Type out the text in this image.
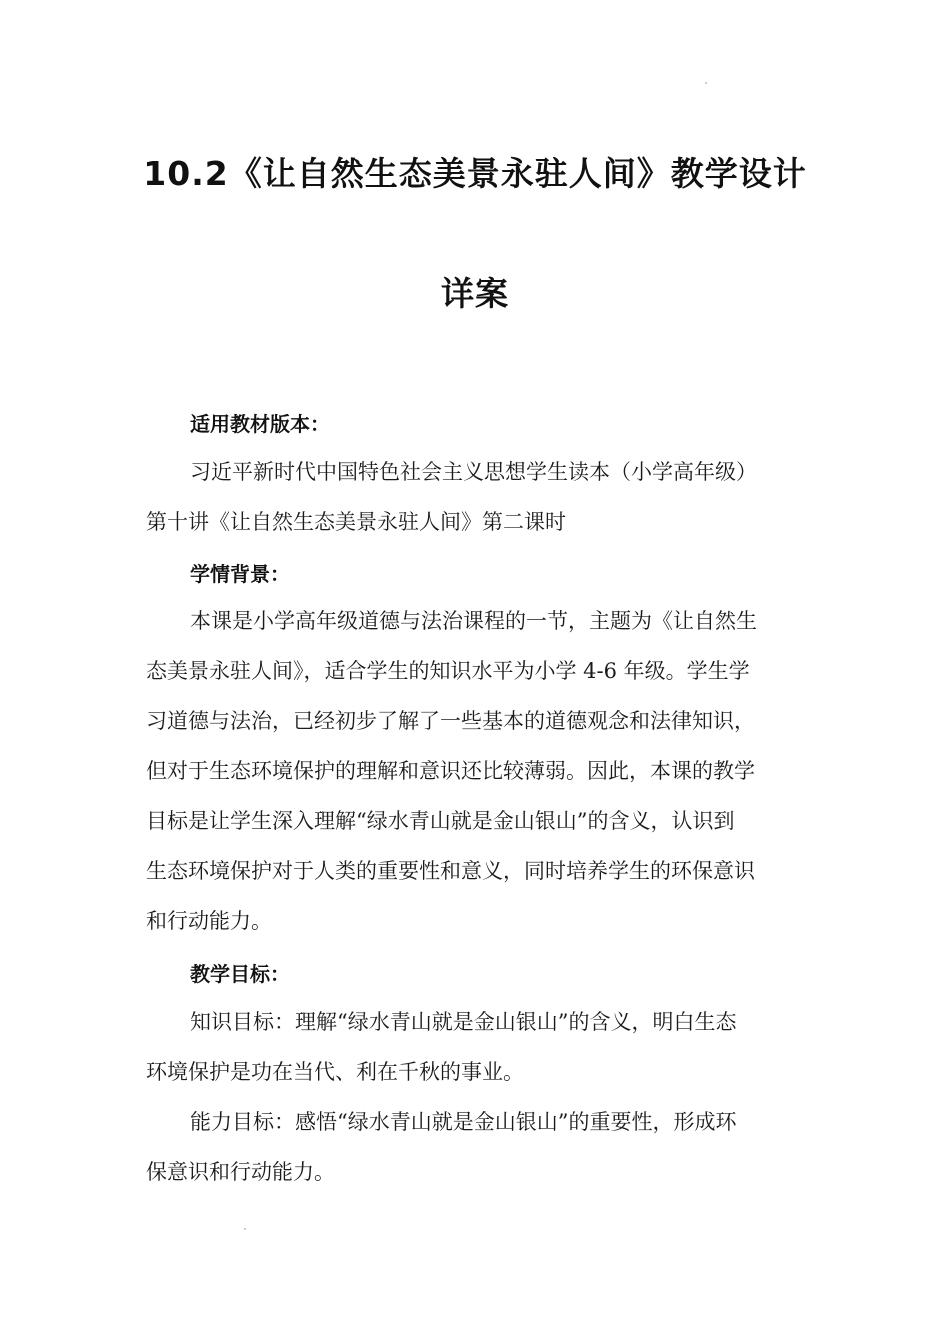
10.2《让自然生态美景永驻人间》教学设计
详案
适用教材版本：
习近平新时代中国特色社会主义思想学生读本（小学高年级）
第十讲《让自然生态美景永驻人间》第二课时
学情背景：
本课是小学高年级道德与法治课程的一节，主题为《让自然生
态美景永驻人间》，适合学生的知识水平为小学 4-6 年级。学生学
习道德与法治，已经初步了解了一些基本的道德观念和法律知识，
但对于生态环境保护的理解和意识还比较薄弱。因此，本课的教学
目标是让学生深入理解“绿水青山就是金山银山”的含义，认识到
生态环境保护对于人类的重要性和意义，同时培养学生的环保意识
和行动能力。
教学目标：
知识目标：理解“绿水青山就是金山银山”的含义，明白生态
环境保护是功在当代、利在千秋的事业。
能力目标：感悟“绿水青山就是金山银山”的重要性，形成环
保意识和行动能力。
